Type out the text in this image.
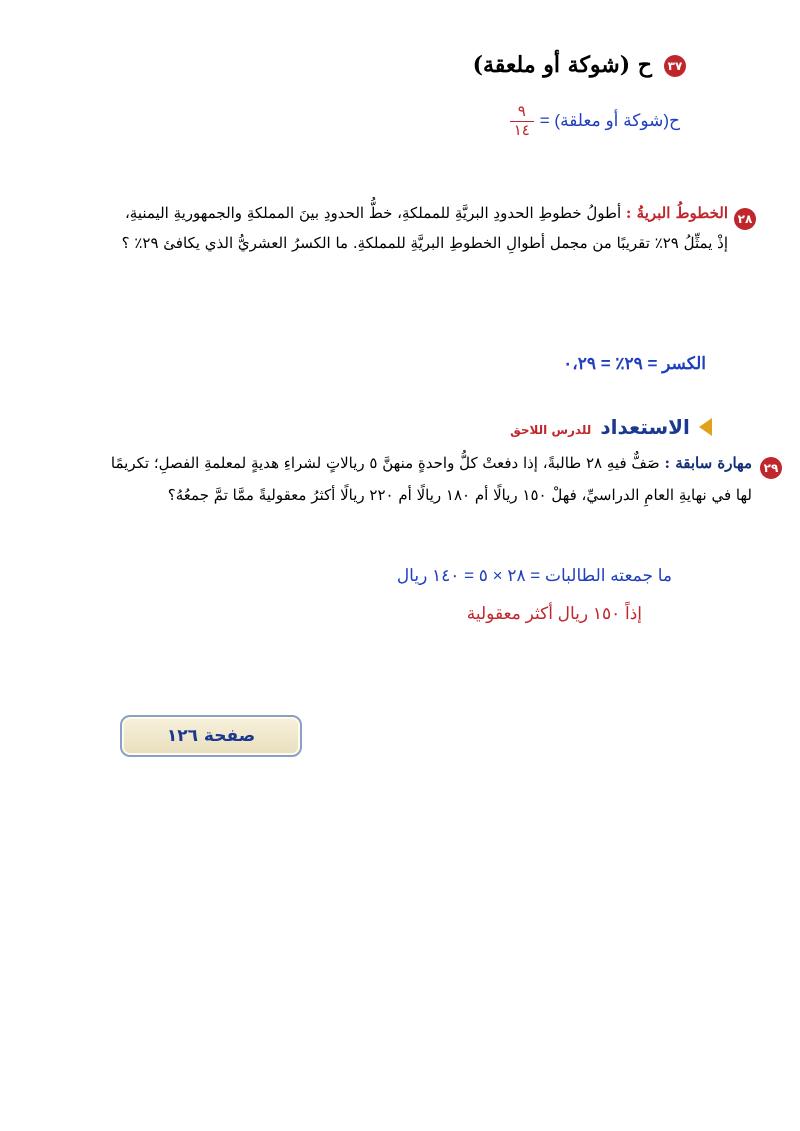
٣٧
ح (شوكة أو ملعقة)
$\frac{٩}{١٤}$ ح(شوكة أو معلقة) =
٢٨
الخطوطُ البريةُ : أطولُ خطوطِ الحدودِ البريَّةِ للمملكةِ، خطُّ الحدودِ بينَ المملكةِ والجمهوريةِ اليمنيةِ،
إذْ يمثِّلُ ٢٩٪ تقريبًا من مجمل أطوالِ الخطوطِ البريَّةِ للمملكةِ. ما الكسرُ العشريُّ الذي يكافئ ٢٩٪ ؟
الكسر = ٢٩٪ = ٠،٢٩
الاستعداد للدرس اللاحق
٢٩
مهارة سابقة : صَفٌّ فيهِ ٢٨ طالبةً، إذا دفعتْ كلُّ واحدةٍ منهنَّ ٥ ريالاتٍ لشراءِ هديةٍ لمعلمةِ الفصلِ؛ تكريمًا
لها في نهايةِ العامِ الدراسيِّ، فهلْ ١٥٠ ريالًا أم ١٨٠ ريالًا أم ٢٢٠ ريالًا أكثرُ معقوليةً ممَّا تمَّ جمعُهُ؟
ما جمعته الطالبات = ٢٨ × ٥ = ١٤٠ ريال
إذاً ١٥٠ ريال أكثر معقولية
صفحة ١٢٦
